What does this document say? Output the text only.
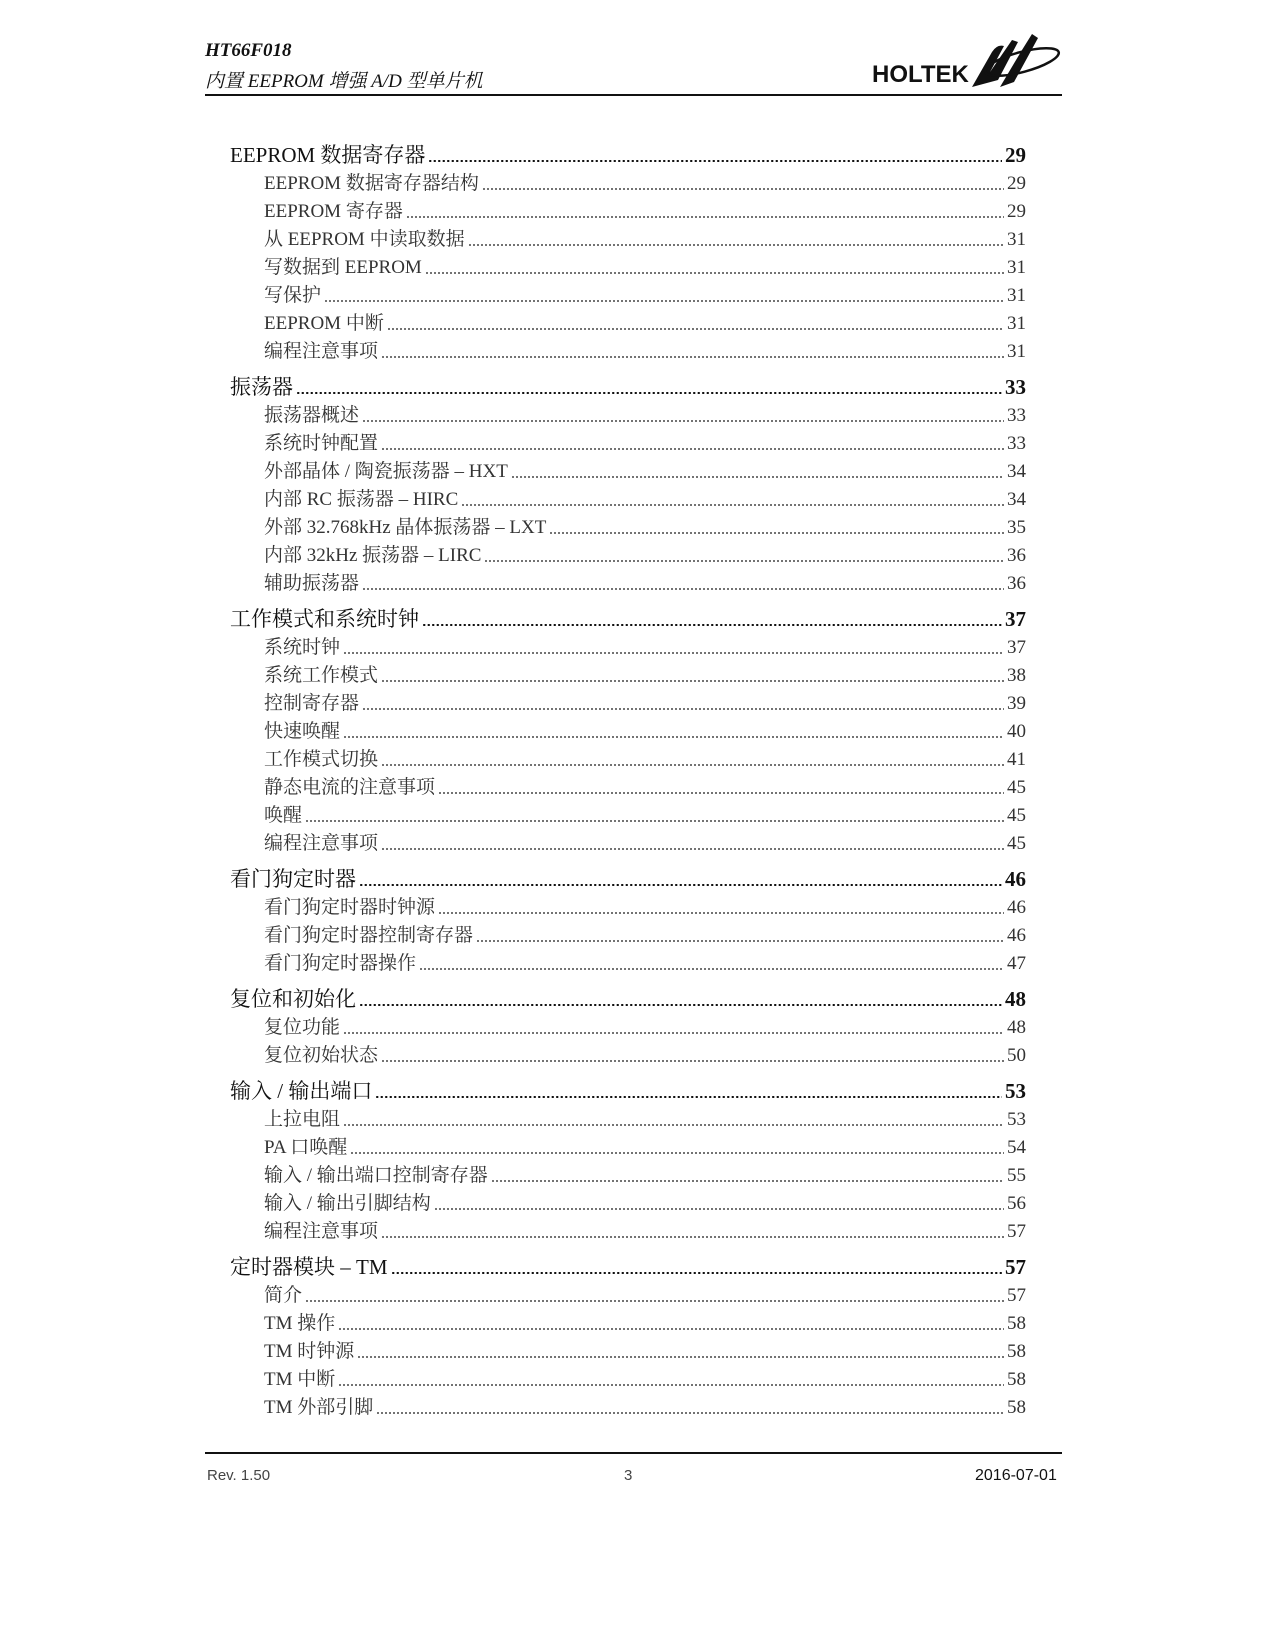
HT66F018
内置 EEPROM 增强 A/D 型单片机	HOLTEK
EEPROM 数据寄存器	29
EEPROM 数据寄存器结构	29
EEPROM 寄存器	29
从 EEPROM 中读取数据	31
写数据到 EEPROM	31
写保护	31
EEPROM 中断	31
编程注意事项	31
振荡器	33
振荡器概述	33
系统时钟配置	33
外部晶体 / 陶瓷振荡器 – HXT	34
内部 RC 振荡器 – HIRC	34
外部 32.768kHz 晶体振荡器 – LXT	35
内部 32kHz 振荡器 – LIRC	36
辅助振荡器	36
工作模式和系统时钟	37
系统时钟	37
系统工作模式	38
控制寄存器	39
快速唤醒	40
工作模式切换	41
静态电流的注意事项	45
唤醒	45
编程注意事项	45
看门狗定时器	46
看门狗定时器时钟源	46
看门狗定时器控制寄存器	46
看门狗定时器操作	47
复位和初始化	48
复位功能	48
复位初始状态	50
输入 / 输出端口	53
上拉电阻	53
PA 口唤醒	54
输入 / 输出端口控制寄存器	55
输入 / 输出引脚结构	56
编程注意事项	57
定时器模块 – TM	57
简介	57
TM 操作	58
TM 时钟源	58
TM 中断	58
TM 外部引脚	58
Rev. 1.50	3	2016-07-01
